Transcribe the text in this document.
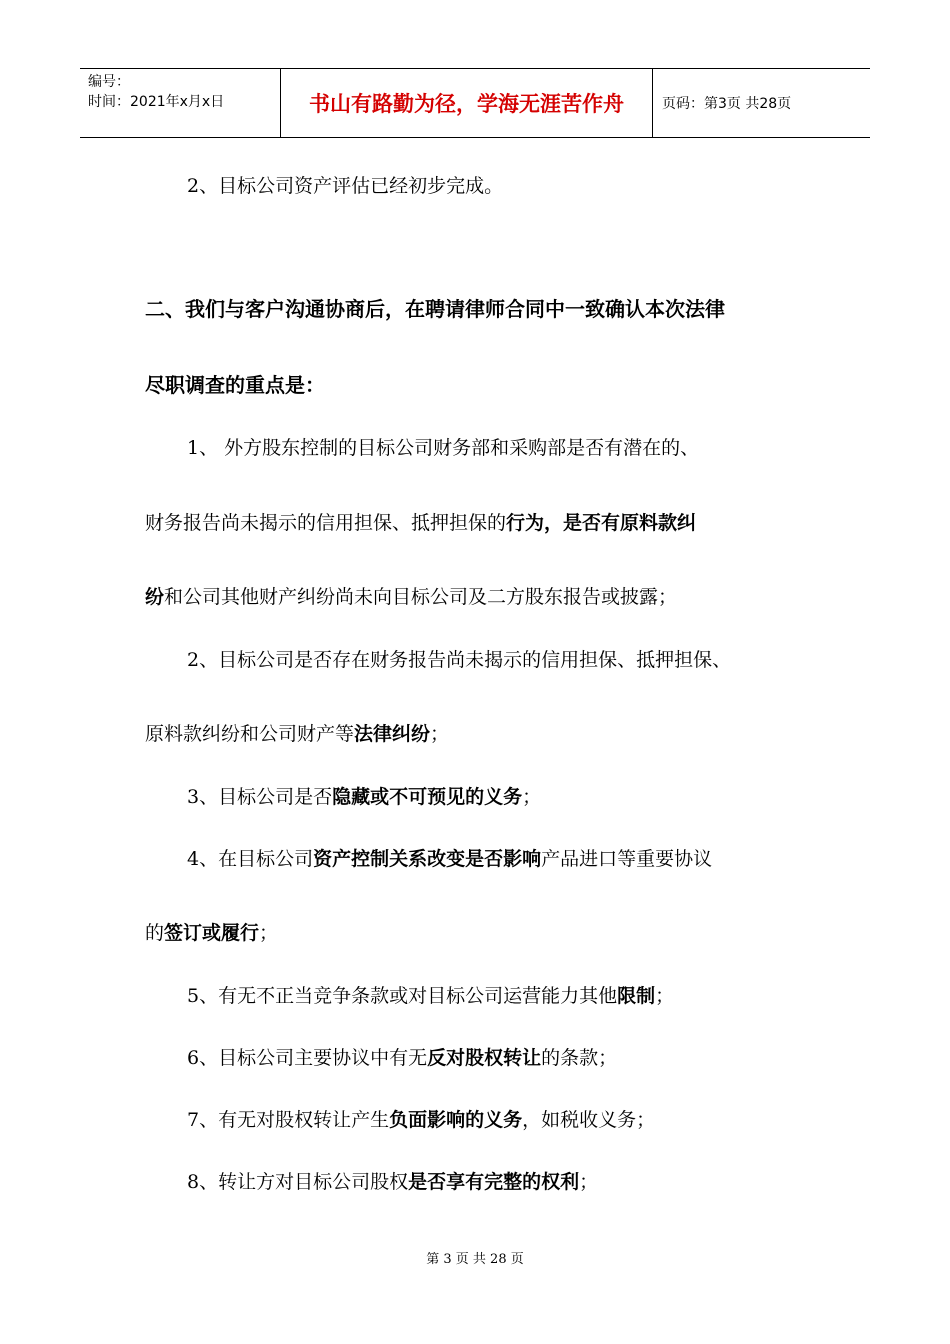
编号：
时间：2021年x月x日	书山有路勤为径，学海无涯苦作舟	页码：第3页 共28页
2、目标公司资产评估已经初步完成。
二、我们与客户沟通协商后，在聘请律师合同中一致确认本次法律
尽职调查的重点是：
1、 外方股东控制的目标公司财务部和采购部是否有潜在的、
财务报告尚未揭示的信用担保、抵押担保的行为，是否有原料款纠
纷和公司其他财产纠纷尚未向目标公司及二方股东报告或披露；
2、目标公司是否存在财务报告尚未揭示的信用担保、抵押担保、
原料款纠纷和公司财产等法律纠纷；
3、目标公司是否隐藏或不可预见的义务；
4、在目标公司资产控制关系改变是否影响产品进口等重要协议
的签订或履行；
5、有无不正当竞争条款或对目标公司运营能力其他限制；
6、目标公司主要协议中有无反对股权转让的条款；
7、有无对股权转让产生负面影响的义务，如税收义务；
8、转让方对目标公司股权是否享有完整的权利；
第 3 页 共 28 页
